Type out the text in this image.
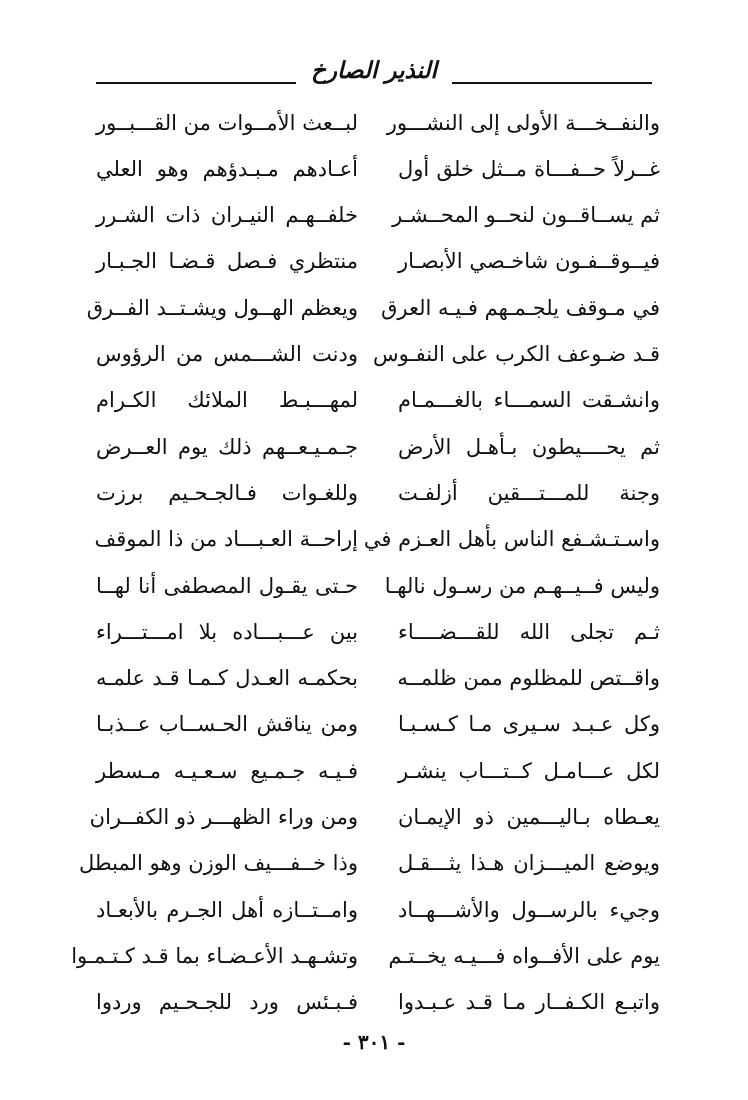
النذير الصارخ
والنفــخـــة الأولى إلى النشـــور
لبــعث الأمــوات من القـــبــور
غــرلاً حــفـــاة مــثل خلق أول
أعـادهم مـبـدؤهم وهو العلي
ثم يســاقــون لنحــو المحــشـر
خلفــهـم النيـران ذات الشـرر
فيــوقــفـون شاخـصي الأبصـار
منتظري فـصل قـضـا الجـبـار
في مـوقف يلجـمـهم فـيـه العرق
ويعظم الهــول ويشـتــد الفــرق
قـد ضـوعف الكرب على النفـوس
ودنت الشـــمس من الرؤوس
وانشـقت السمـــاء بالغـــمـام
لمهـــبـط الملائك الكـرام
ثم يحــــيطون بـأهـل الأرض
جـمـيـعــهم ذلك يوم العــرض
وجنة للمـــتـــقين أزلفـت
وللغـوات فـالجـحـيم برزت
واسـتـشـفع الناس بأهل العـزم في
إراحــة العـبـــاد من ذا الموقف
وليس فــيــهـم من رسـول نالهـا
حـتى يقـول المصطفى أنا لهــا
ثـم تجلى الله للقـــضــــاء
بين عـــبـــاده بلا امـــتـــراء
واقــتص للمظلوم ممن ظلمــه
بحكمـه العـدل كـمـا قـد علمـه
وكل عـبـد سـيرى مـا كـسـبـا
ومن يناقش الحـســاب عــذبـا
لكل عـــامـل كــتـــاب ينشـر
فـيـه جـمـيع سـعـيـه مـسطر
يعـطاه بـاليـــمين ذو الإيمـان
ومن وراء الظهـــر ذو الكفــران
ويوضع الميـــزان هـذا يثـــقـل
وذا خــفـــيف الوزن وهو المبطل
وجيء بالرســول والأشـــهــاد
وامــتــازه أهل الجـرم بالأبعـاد
يوم على الأفــواه فـــيـه يخــتـم
وتشـهـد الأعـضـاء بما قـد كـتـمـوا
واتبـع الكـفــار مـا قـد عـبـدوا
فـبـئس ورد للجـحـيم وردوا
- ٣٠١ -
